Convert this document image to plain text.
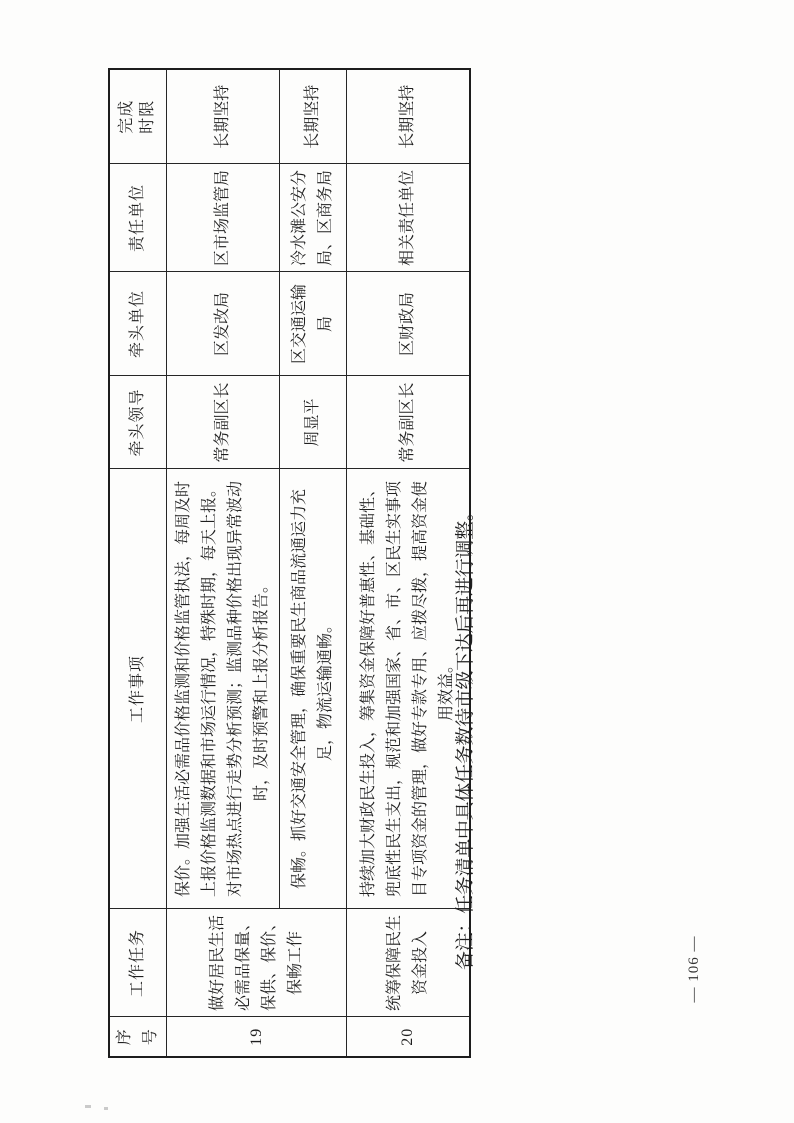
序号	工作任务	工作事项	牵头领导	牵头单位	责任单位	完成时限
19	做好居民生活必需品保量、保供、保价、保畅工作	保价。加强生活必需品价格监测和价格监管执法，每周及时上报价格监测数据和市场运行情况，特殊时期，每天上报。对市场热点进行走势分析预测；监测品种价格出现异常波动时，及时预警和上报分析报告。	常务副区长	区发改局	区市场监管局	长期坚持
		保畅。抓好交通安全管理，确保重要民生商品流通运力充足，物流运输通畅。	周显平	区交通运输局	冷水滩公安分局、区商务局	长期坚持
20	统筹保障民生资金投入	持续加大财政民生投入，筹集资金保障好普惠性、基础性、兜底性民生支出，规范和加强国家、省、市、区民生实事项目专项资金的管理，做好专款专用、应拨尽拨，提高资金使用效益。	常务副区长	区财政局	相关责任单位	长期坚持
备注：任务清单中具体任务数待市级下达后再进行调整。	— 106 —
